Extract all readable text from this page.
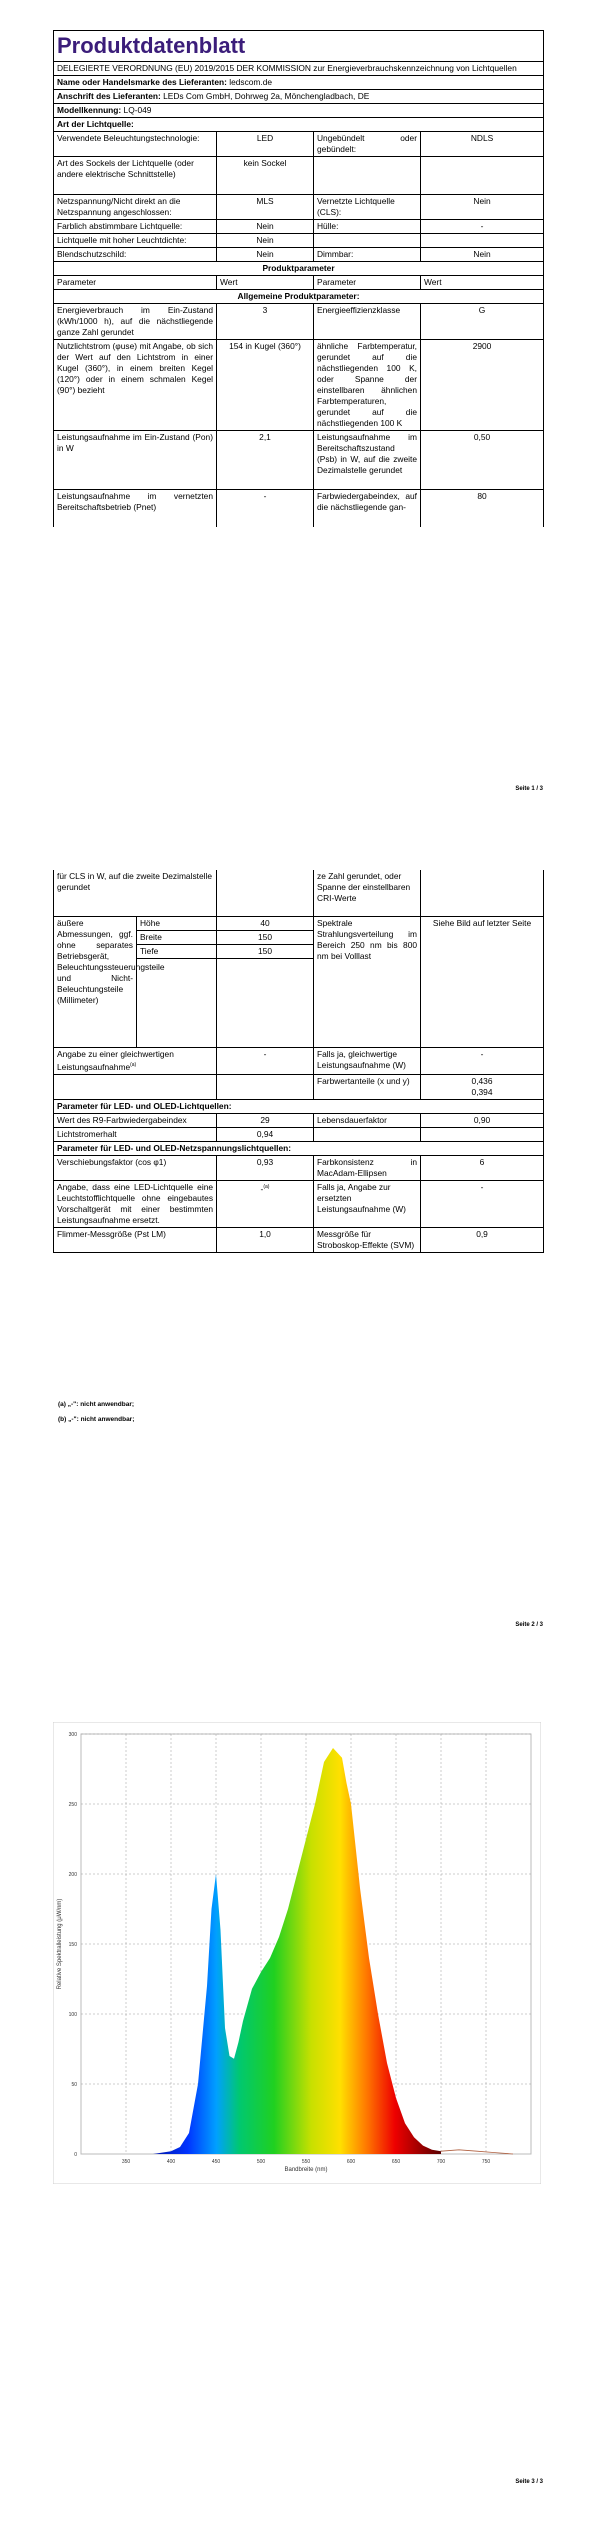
Produktdatenblatt			
DELEGIERTE VERORDNUNG (EU) 2019/2015 DER KOMMISSION zur Energieverbrauchskennzeichnung von Lichtquellen			
Name oder Handelsmarke des Lieferanten: ledscom.de			
Anschrift des Lieferanten: LEDs Com GmbH, Dohrweg 2a, Mönchengladbach, DE			
Modellkennung: LQ-049			
Art der Lichtquelle:			
Verwendete Beleuchtungstechnologie:	LED	Ungebündelt oder gebündelt:	NDLS
Art des Sockels der Lichtquelle (oder andere elektrische Schnittstelle)	kein Sockel		
Netzspannung/Nicht direkt an die Netzspannung angeschlossen:	MLS	Vernetzte Lichtquelle (CLS):	Nein
Farblich abstimmbare Lichtquelle:	Nein	Hülle:	-
Lichtquelle mit hoher Leuchtdichte:	Nein		
Blendschutzschild:	Nein	Dimmbar:	Nein
Produktparameter			
Parameter	Wert	Parameter	Wert
Allgemeine Produktparameter:			
Energieverbrauch im Ein-Zustand (kWh/1000 h), auf die nächstliegende ganze Zahl gerundet	3	Energieeffizienzklasse	G
Nutzlichtstrom (φuse) mit Angabe, ob sich der Wert auf den Lichtstrom in einer Kugel (360°), in einem breiten Kegel (120°) oder in einem schmalen Kegel (90°) bezieht	154 in Kugel (360°)	ähnliche Farbtemperatur, gerundet auf die nächstliegenden 100 K, oder Spanne der einstellbaren ähnlichen Farbtemperaturen, gerundet auf die nächstliegenden 100 K	2900
Leistungsaufnahme im Ein-Zustand (Pon) in W	2,1	Leistungsaufnahme im Bereitschaftszustand (Psb) in W, auf die zweite Dezimalstelle gerundet	0,50
Leistungsaufnahme im vernetzten Bereitschaftsbetrieb (Pnet)	-	Farbwiedergabeindex, auf die nächstliegende gan-	80
Seite 1 / 3
für CLS in W, auf die zweite Dezimalstelle gerundet			ze Zahl gerundet, oder Spanne der einstellbaren CRI-Werte	
äußere Abmessungen, ggf. ohne separates Betriebsgerät, Beleuchtungssteuerungsteile und Nicht-Beleuchtungsteile (Millimeter)	Höhe	40	Spektrale Strahlungsverteilung im Bereich 250 nm bis 800 nm bei Volllast	Siehe Bild auf letzter Seite
	Breite	150		
	Tiefe	150		

Angabe zu einer gleichwertigen Leistungsaufnahme$^{(a)}$		-	Falls ja, gleichwertige Leistungsaufnahme (W)	-
			Farbwertanteile (x und y)	0,436
0,394

Parameter für LED- und OLED-Lichtquellen:				
Wert des R9-Farbwiedergabeindex		29	Lebensdauerfaktor	0,90
Lichtstromerhalt		0,94		
Parameter für LED- und OLED-Netzspannungslichtquellen:				
Verschiebungsfaktor (cos φ1)		0,93	Farbkonsistenz in MacAdam-Ellipsen	6
Angabe, dass eine LED-Lichtquelle eine Leuchtstofflichtquelle ohne eingebautes Vorschaltgerät mit einer bestimmten Leistungsaufnahme ersetzt.		-$^{(a)}$	Falls ja, Angabe zur ersetzten Leistungsaufnahme (W)	-
Flimmer-Messgröße (Pst LM)		1,0	Messgröße für Stroboskop-Effekte (SVM)	0,9
(a) „-": nicht anwendbar;
(b) „-": nicht anwendbar;
Seite 2 / 3
350	400	450	500	550	600	650	700	750
0
50
100
150
200
250
300
Relative Spektralleistung (μW/nm)
Bandbreite (nm)
Seite 3 / 3
